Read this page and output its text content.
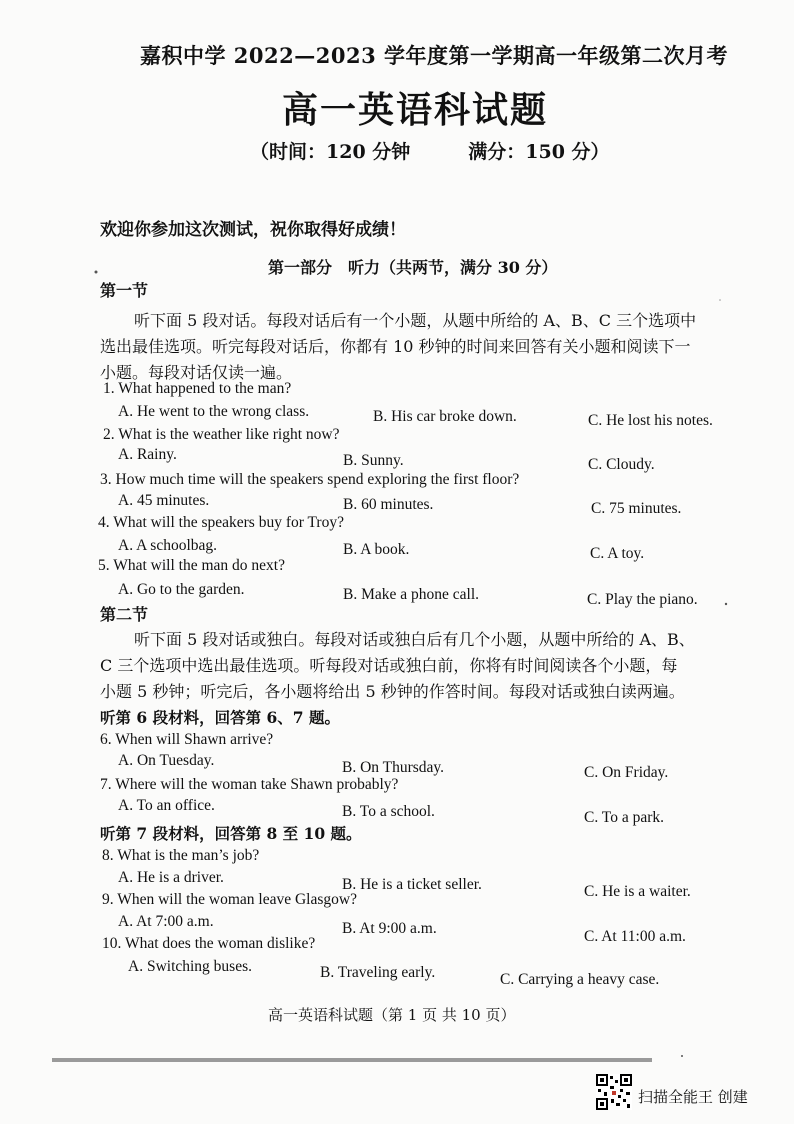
嘉积中学 2022—2023 学年度第一学期高一年级第二次月考
高一英语科试题
（时间：120 分钟	满分：150 分）
欢迎你参加这次测试，祝你取得好成绩！
第一部分　听力（共两节，满分 30 分）
第一节
听下面 5 段对话。每段对话后有一个小题，从题中所给的 A、B、C 三个选项中
选出最佳选项。听完每段对话后，你都有 10 秒钟的时间来回答有关小题和阅读下一
小题。每段对话仅读一遍。
1. What happened to the man?
A. He went to the wrong class.	B. His car broke down.	C. He lost his notes.
2. What is the weather like right now?
A. Rainy.	B. Sunny.	C. Cloudy.
3. How much time will the speakers spend exploring the first floor?
A. 45 minutes.	B. 60 minutes.	C. 75 minutes.
4. What will the speakers buy for Troy?
A. A schoolbag.	B. A book.	C. A toy.
5. What will the man do next?
A. Go to the garden.	B. Make a phone call.	C. Play the piano.
第二节
听下面 5 段对话或独白。每段对话或独白后有几个小题，从题中所给的 A、B、
C 三个选项中选出最佳选项。听每段对话或独白前，你将有时间阅读各个小题，每
小题 5 秒钟；听完后，各小题将给出 5 秒钟的作答时间。每段对话或独白读两遍。
听第 6 段材料，回答第 6、7 题。
6. When will Shawn arrive?
A. On Tuesday.	B. On Thursday.	C. On Friday.
7. Where will the woman take Shawn probably?
A. To an office.	B. To a school.	C. To a park.
听第 7 段材料，回答第 8 至 10 题。
8. What is the man’s job?
A. He is a driver.	B. He is a ticket seller.	C. He is a waiter.
9. When will the woman leave Glasgow?
A. At 7:00 a.m.	B. At 9:00 a.m.	C. At 11:00 a.m.
10. What does the woman dislike?
A. Switching buses.	B. Traveling early.	C. Carrying a heavy case.
高一英语科试题（第 1 页 共 10 页）
扫描全能王 创建
